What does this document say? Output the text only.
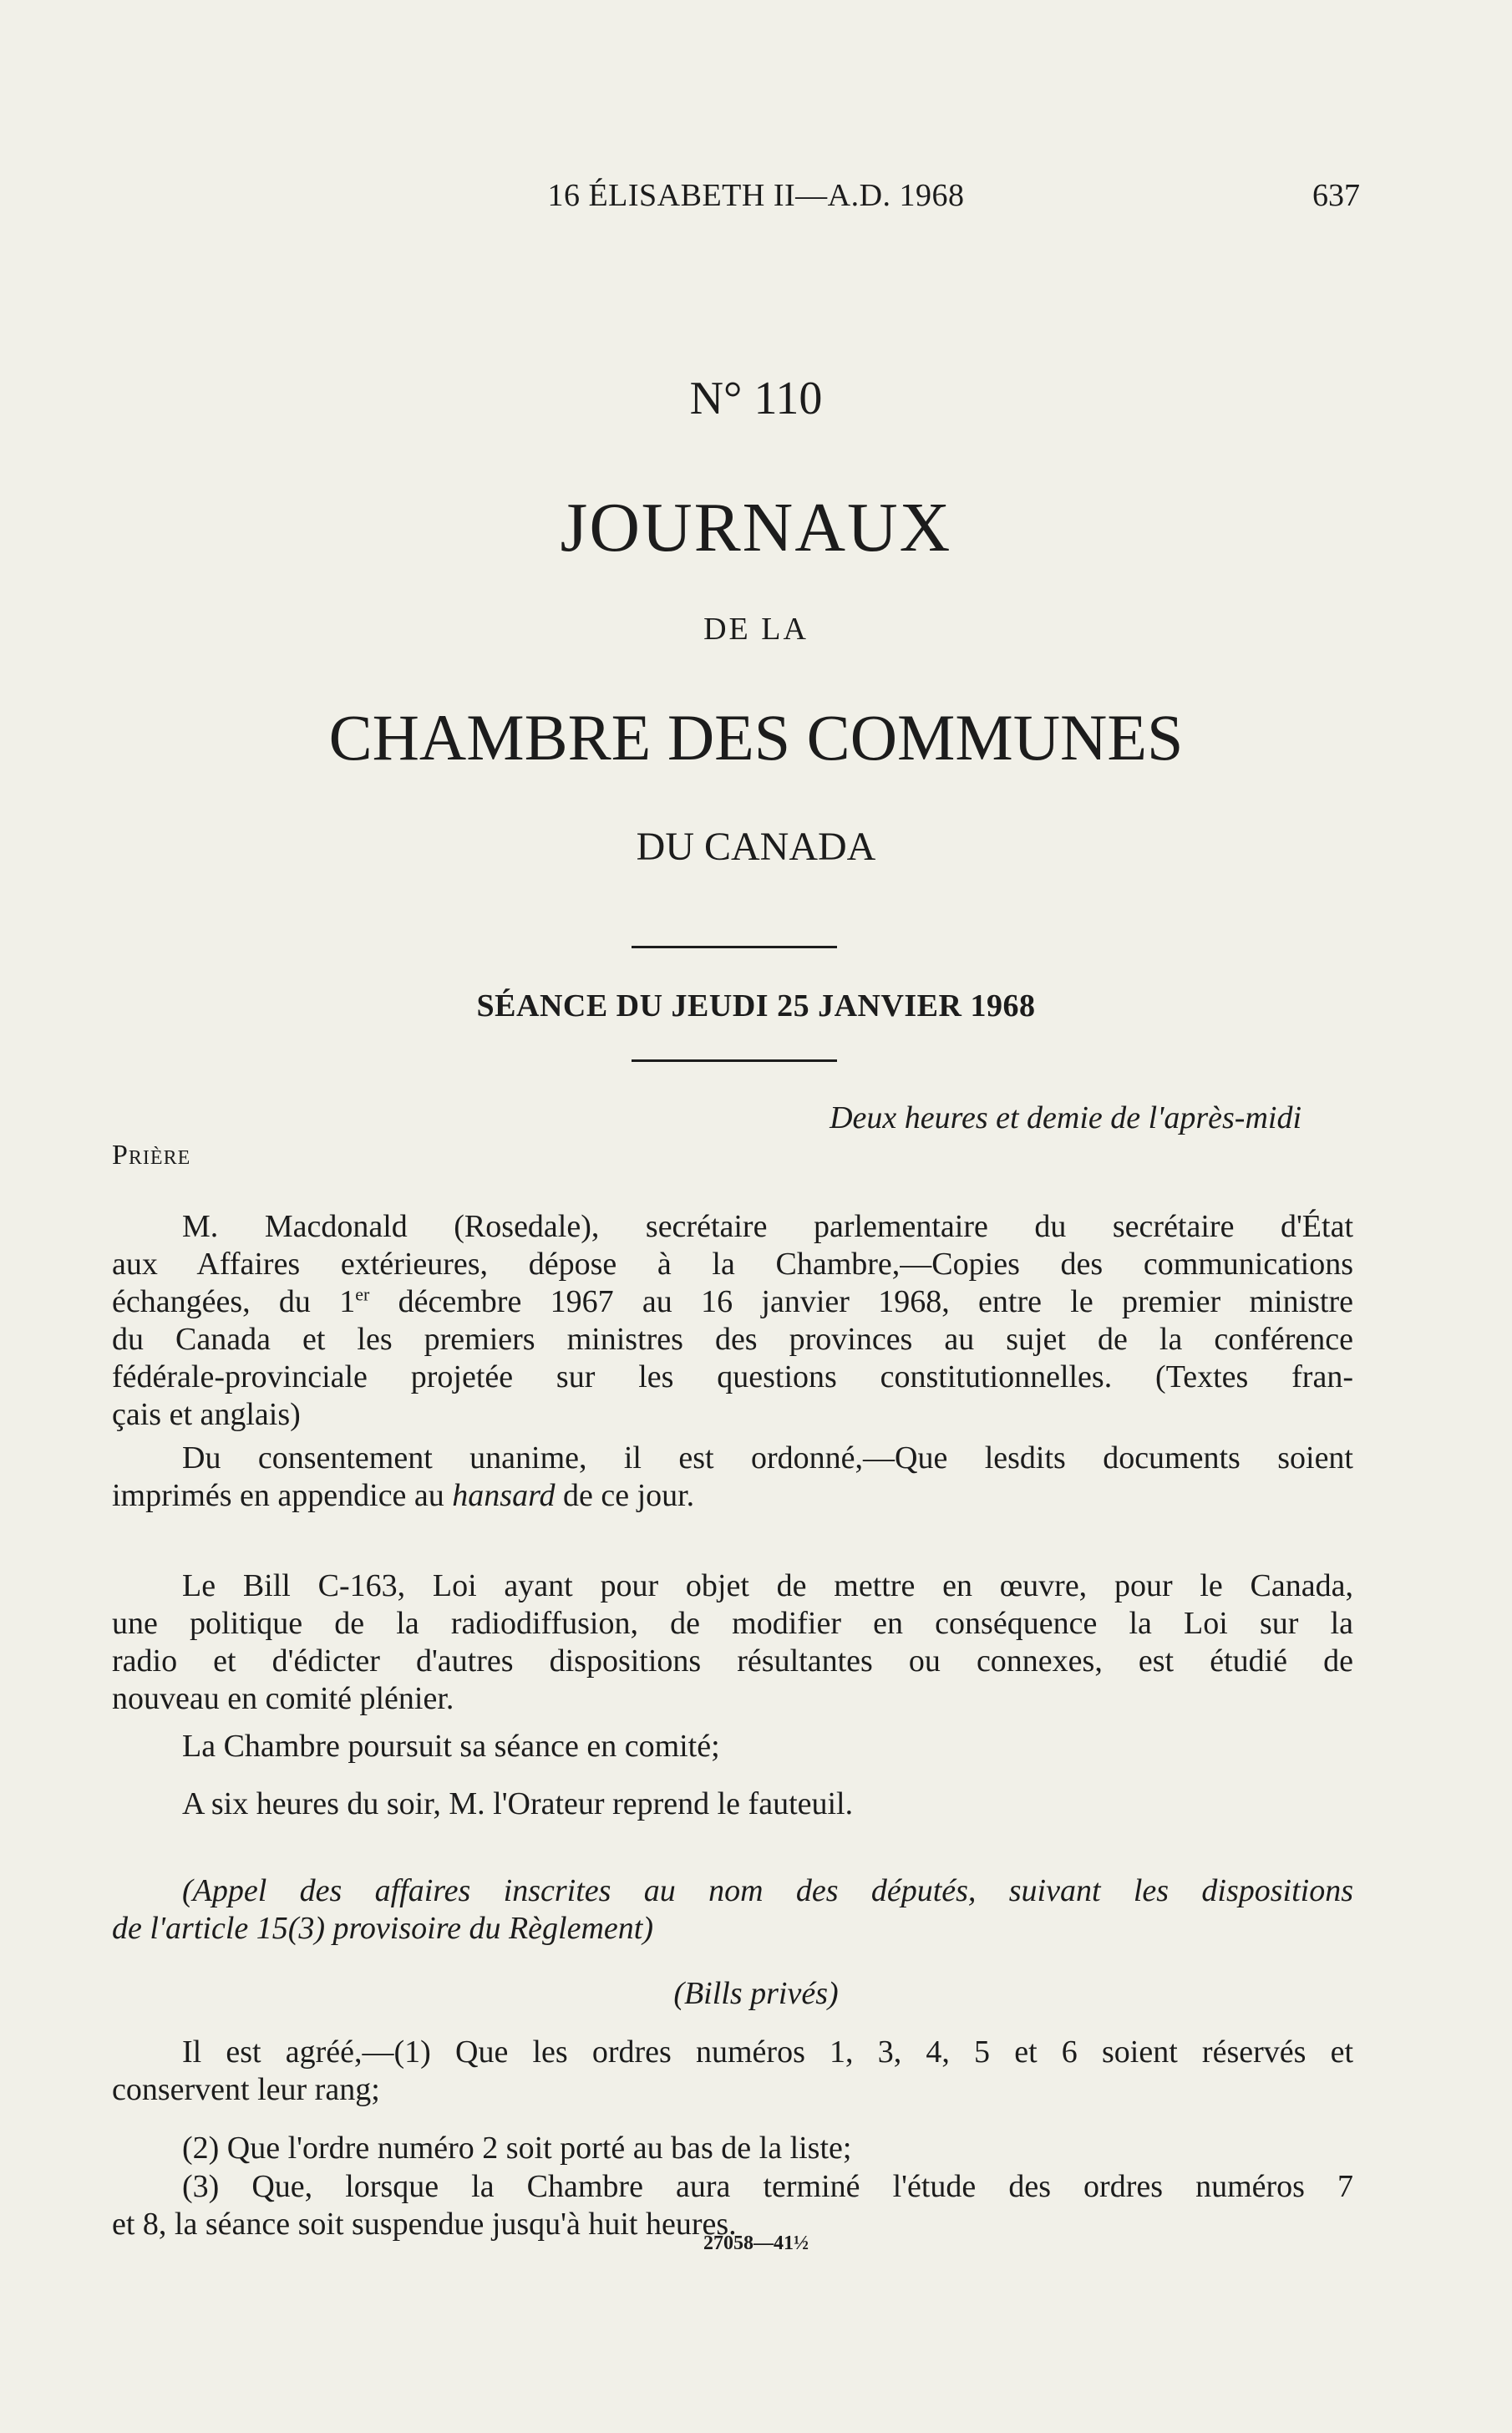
16 ÉLISABETH II—A.D. 1968	637
N° 110
JOURNAUX
DE LA
CHAMBRE DES COMMUNES
DU CANADA
SÉANCE DU JEUDI 25 JANVIER 1968
Deux heures et demie de l'après-midi
Prière

M. Macdonald (Rosedale), secrétaire parlementaire du secrétaire d'État

aux Affaires extérieures, dépose à la Chambre,—Copies des communications

échangées, du 1er décembre 1967 au 16 janvier 1968, entre le premier ministre

du Canada et les premiers ministres des provinces au sujet de la conférence

fédérale-provinciale projetée sur les questions constitutionnelles. (Textes fran-

çais et anglais)

Du consentement unanime, il est ordonné,—Que lesdits documents soient

imprimés en appendice au hansard de ce jour.

Le Bill C-163, Loi ayant pour objet de mettre en œuvre, pour le Canada,

une politique de la radiodiffusion, de modifier en conséquence la Loi sur la

radio et d'édicter d'autres dispositions résultantes ou connexes, est étudié de

nouveau en comité plénier.

La Chambre poursuit sa séance en comité;

A six heures du soir, M. l'Orateur reprend le fauteuil.

(Appel des affaires inscrites au nom des députés, suivant les dispositions

de l'article 15(3) provisoire du Règlement)

(Bills privés)

Il est agréé,—(1) Que les ordres numéros 1, 3, 4, 5 et 6 soient réservés et

conservent leur rang;

(2) Que l'ordre numéro 2 soit porté au bas de la liste;

(3) Que, lorsque la Chambre aura terminé l'étude des ordres numéros 7

et 8, la séance soit suspendue jusqu'à huit heures.

27058—41½
